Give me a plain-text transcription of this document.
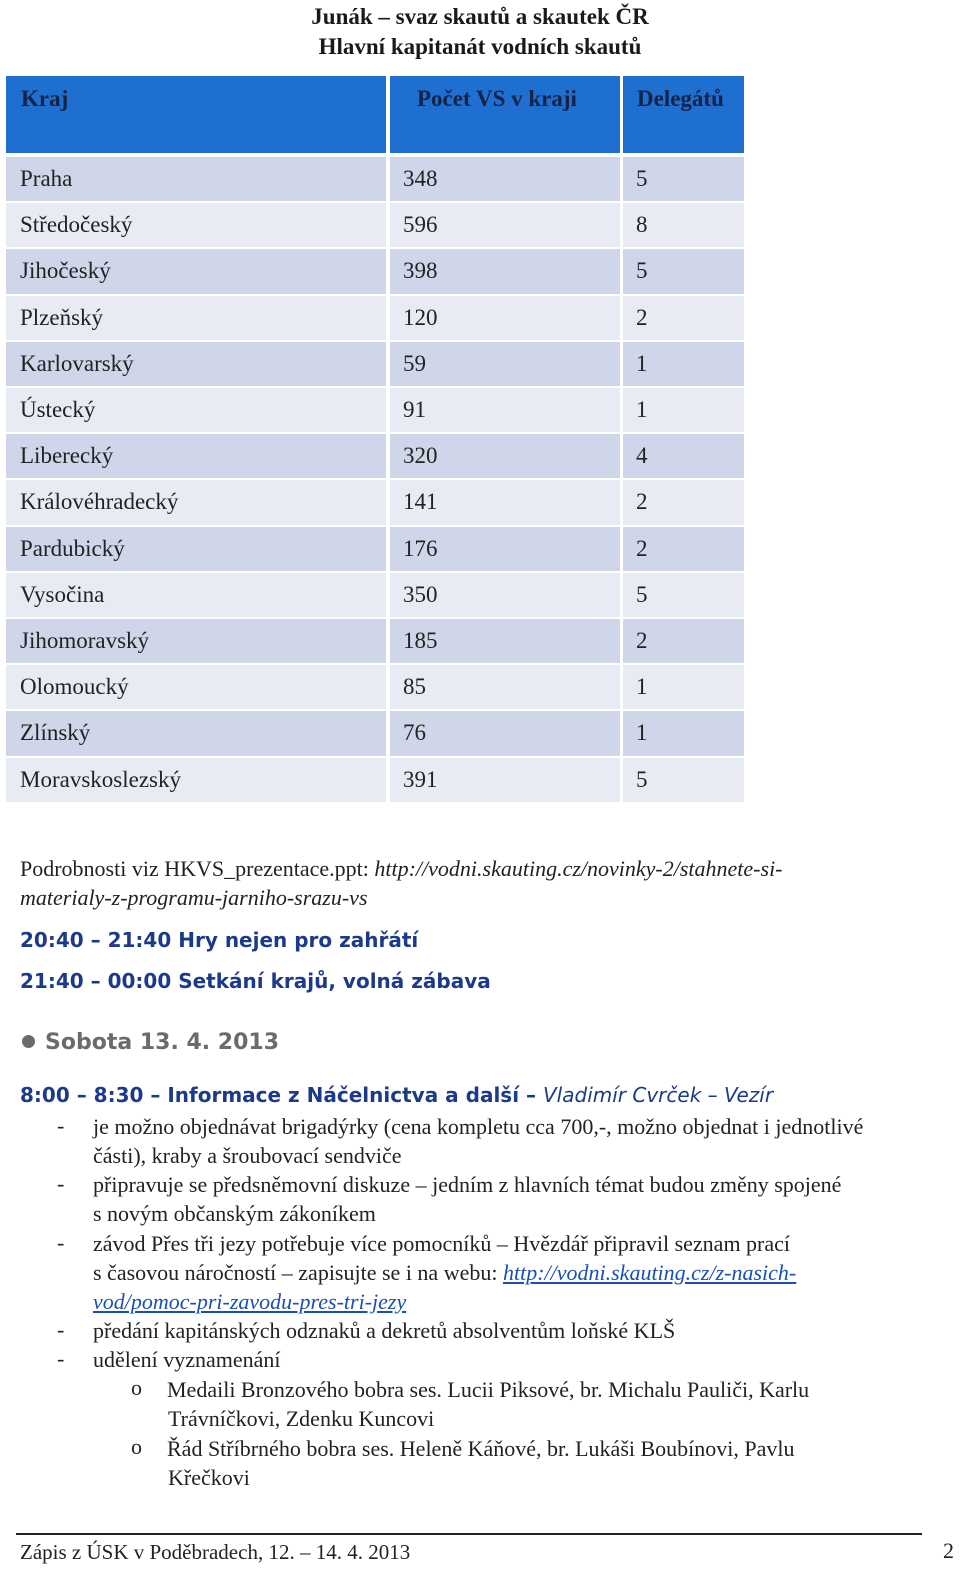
Junák – svaz skautů a skautek ČR
Hlavní kapitanát vodních skautů
Kraj	Počet VS v kraji	Delegátů
Praha	348	5
Středočeský	596	8
Jihočeský	398	5
Plzeňský	120	2
Karlovarský	59	1
Ústecký	91	1
Liberecký	320	4
Královéhradecký	141	2
Pardubický	176	2
Vysočina	350	5
Jihomoravský	185	2
Olomoucký	85	1
Zlínský	76	1
Moravskoslezský	391	5
Podrobnosti viz HKVS_prezentace.ppt: http://vodni.skauting.cz/novinky-2/stahnete-si-
materialy-z-programu-jarniho-srazu-vs
20:40 – 21:40 Hry nejen pro zahřátí
21:40 – 00:00 Setkání krajů, volná zábava
Sobota 13. 4. 2013
8:00 – 8:30 – Informace z Náčelnictva a další – Vladimír Cvrček – Vezír
- je možno objednávat brigadýrky (cena kompletu cca 700,-, možno objednat i jednotlivé
části), kraby a šroubovací sendviče
- připravuje se předsněmovní diskuze – jedním z hlavních témat budou změny spojené
s novým občanským zákoníkem
- závod Přes tři jezy potřebuje více pomocníků – Hvězdář připravil seznam prací
s časovou náročností – zapisujte se i na webu: http://vodni.skauting.cz/z-nasich-
vod/pomoc-pri-zavodu-pres-tri-jezy
- předání kapitánských odznaků a dekretů absolventům loňské KLŠ
- udělení vyznamenání
o Medaili Bronzového bobra ses. Lucii Piksové, br. Michalu Pauliči, Karlu
Trávníčkovi, Zdenku Kuncovi
o Řád Stříbrného bobra ses. Heleně Káňové, br. Lukáši Boubínovi, Pavlu
Křečkovi
Zápis z ÚSK v Poděbradech, 12. – 14. 4. 2013	2
